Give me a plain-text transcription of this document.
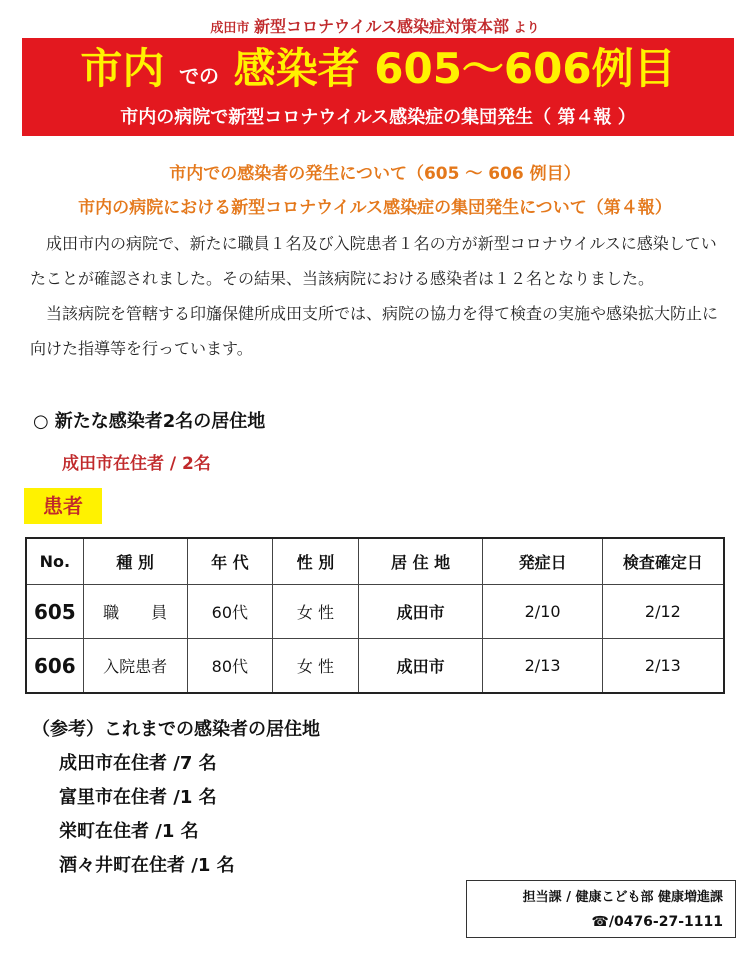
成田市 新型コロナウイルス感染症対策本部 より
市内 での 感染者 605～606例目
市内の病院で新型コロナウイルス感染症の集団発生（ 第４報 ）
市内での感染者の発生について（605 ～ 606 例目）
市内の病院における新型コロナウイルス感染症の集団発生について（第４報）

成田市内の病院で、新たに職員１名及び入院患者１名の方が新型コロナウイルスに感染していたことが確認されました。その結果、当該病院における感染者は１２名となりました。

当該病院を管轄する印旛保健所成田支所では、病院の協力を得て検査の実施や感染拡大防止に向けた指導等を行っています。

○ 新たな感染者2名の居住地
成田市在住者 / 2名
患者
No.	種 別	年 代	性 別	居 住 地	発症日	検査確定日
605	職　　員	60代	女 性	成田市	2/10	2/12
606	入院患者	80代	女 性	成田市	2/13	2/13
（参考）これまでの感染者の居住地
成田市在住者 /7 名
富里市在住者 /1 名
栄町在住者 /1 名
酒々井町在住者 /1 名
担当課 / 健康こども部 健康増進課
☎/0476-27-1111
